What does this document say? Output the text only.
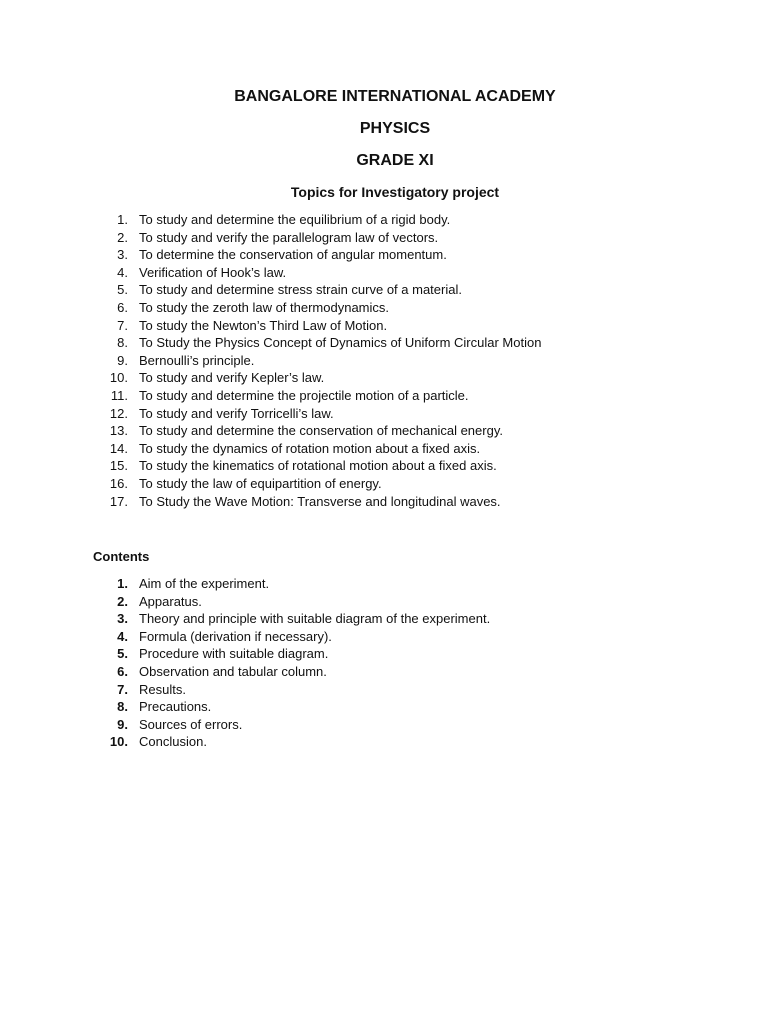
BANGALORE INTERNATIONAL ACADEMY
PHYSICS
GRADE XI
Topics for Investigatory project
1. To study and determine the equilibrium of a rigid body.
2. To study and verify the parallelogram law of vectors.
3. To determine the conservation of angular momentum.
4. Verification of Hook’s law.
5. To study and determine stress strain curve of a material.
6. To study the zeroth law of thermodynamics.
7. To study the Newton’s Third Law of Motion.
8. To Study the Physics Concept of Dynamics of Uniform Circular Motion
9. Bernoulli’s principle.
10. To study and verify Kepler’s law.
11. To study and determine the projectile motion of a particle.
12. To study and verify Torricelli’s law.
13. To study and determine the conservation of mechanical energy.
14. To study the dynamics of rotation motion about a fixed axis.
15. To study the kinematics of rotational motion about a fixed axis.
16. To study the law of equipartition of energy.
17. To Study the Wave Motion: Transverse and longitudinal waves.
Contents
1. Aim of the experiment.
2. Apparatus.
3. Theory and principle with suitable diagram of the experiment.
4. Formula (derivation if necessary).
5. Procedure with suitable diagram.
6. Observation and tabular column.
7. Results.
8. Precautions.
9. Sources of errors.
10. Conclusion.
